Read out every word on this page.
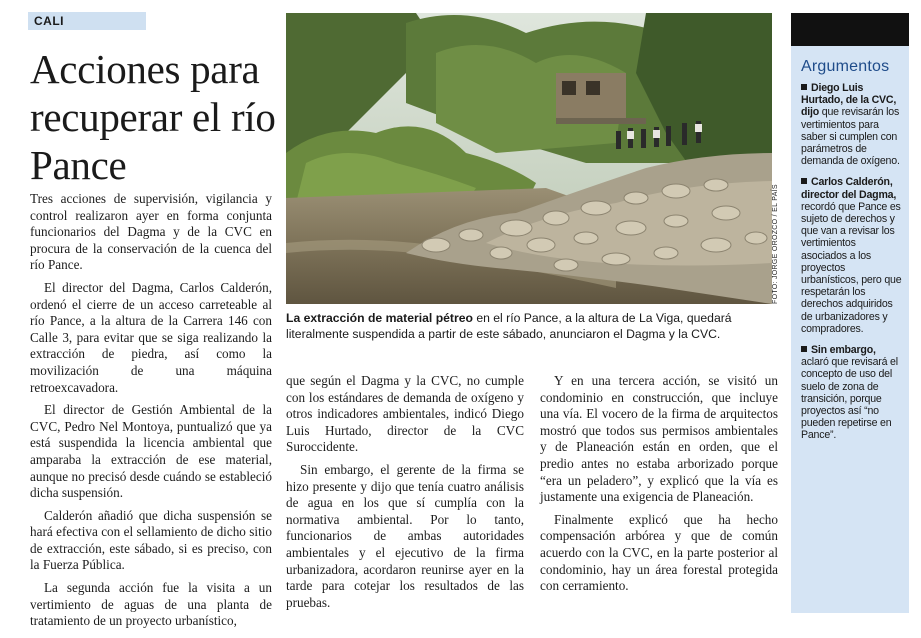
CALI
Acciones para recuperar el río Pance

Tres acciones de supervisión, vigilancia y control realizaron ayer en forma conjunta funcionarios del Dagma y de la CVC en procura de la conservación de la cuenca del río Pance.

El director del Dagma, Carlos Calderón, ordenó el cierre de un acceso carreteable al río Pance, a la altura de la Carrera 146 con Calle 3, para evitar que se siga realizando la extracción de piedra, así como la movilización de una máquina retroexcavadora.

El director de Gestión Ambiental de la CVC, Pedro Nel Montoya, puntualizó que ya está suspendida la licencia ambiental que amparaba la extracción de ese material, aunque no precisó desde cuándo se estableció dicha suspensión.

Calderón añadió que dicha suspensión se hará efectiva con el sellamiento de dicho sitio de extracción, este sábado, si es preciso, con la Fuerza Pública.

La segunda acción fue la visita a un vertimiento de aguas de una planta de tratamiento de un proyecto urbanístico,

FOTO: JORGE OROZCO / EL PAÍS
La extracción de material pétreo en el río Pance, a la altura de La Viga, quedará literalmente suspendida a partir de este sábado, anunciaron el Dagma y la CVC.

que según el Dagma y la CVC, no cumple con los estándares de demanda de oxígeno y otros indicadores ambientales, indicó Diego Luis Hurtado, director de la CVC Suroccidente.

Sin embargo, el gerente de la firma se hizo presente y dijo que tenía cuatro análisis de agua en los que sí cumplía con la normativa ambiental. Por lo tanto, funcionarios de ambas autoridades ambientales y el ejecutivo de la firma urbanizadora, acordaron reunirse ayer en la tarde para cotejar los resultados de las pruebas.

Y en una tercera acción, se visitó un condominio en construcción, que incluye una vía. El vocero de la firma de arquitectos mostró que todos sus permisos ambientales y de Planeación están en orden, que el predio antes no estaba arborizado porque “era un peladero”, y explicó que la vía es justamente una exigencia de Planeación.

Finalmente explicó que ha hecho compensación arbórea y que de común acuerdo con la CVC, en la parte posterior al condominio, hay un área forestal protegida con cerramiento.

Argumentos
Diego Luis Hurtado, de la CVC, dijo que revisarán los vertimientos para saber si cumplen con parámetros de demanda de oxígeno.
Carlos Calderón, director del Dagma, recordó que Pance es sujeto de derechos y que van a revisar los vertimientos asociados a los proyectos urbanísticos, pero que respetarán los derechos adquiridos de urbanizadores y compradores.
Sin embargo, aclaró que revisará el concepto de uso del suelo de zona de transición, porque proyectos así “no pueden repetirse en Pance”.
